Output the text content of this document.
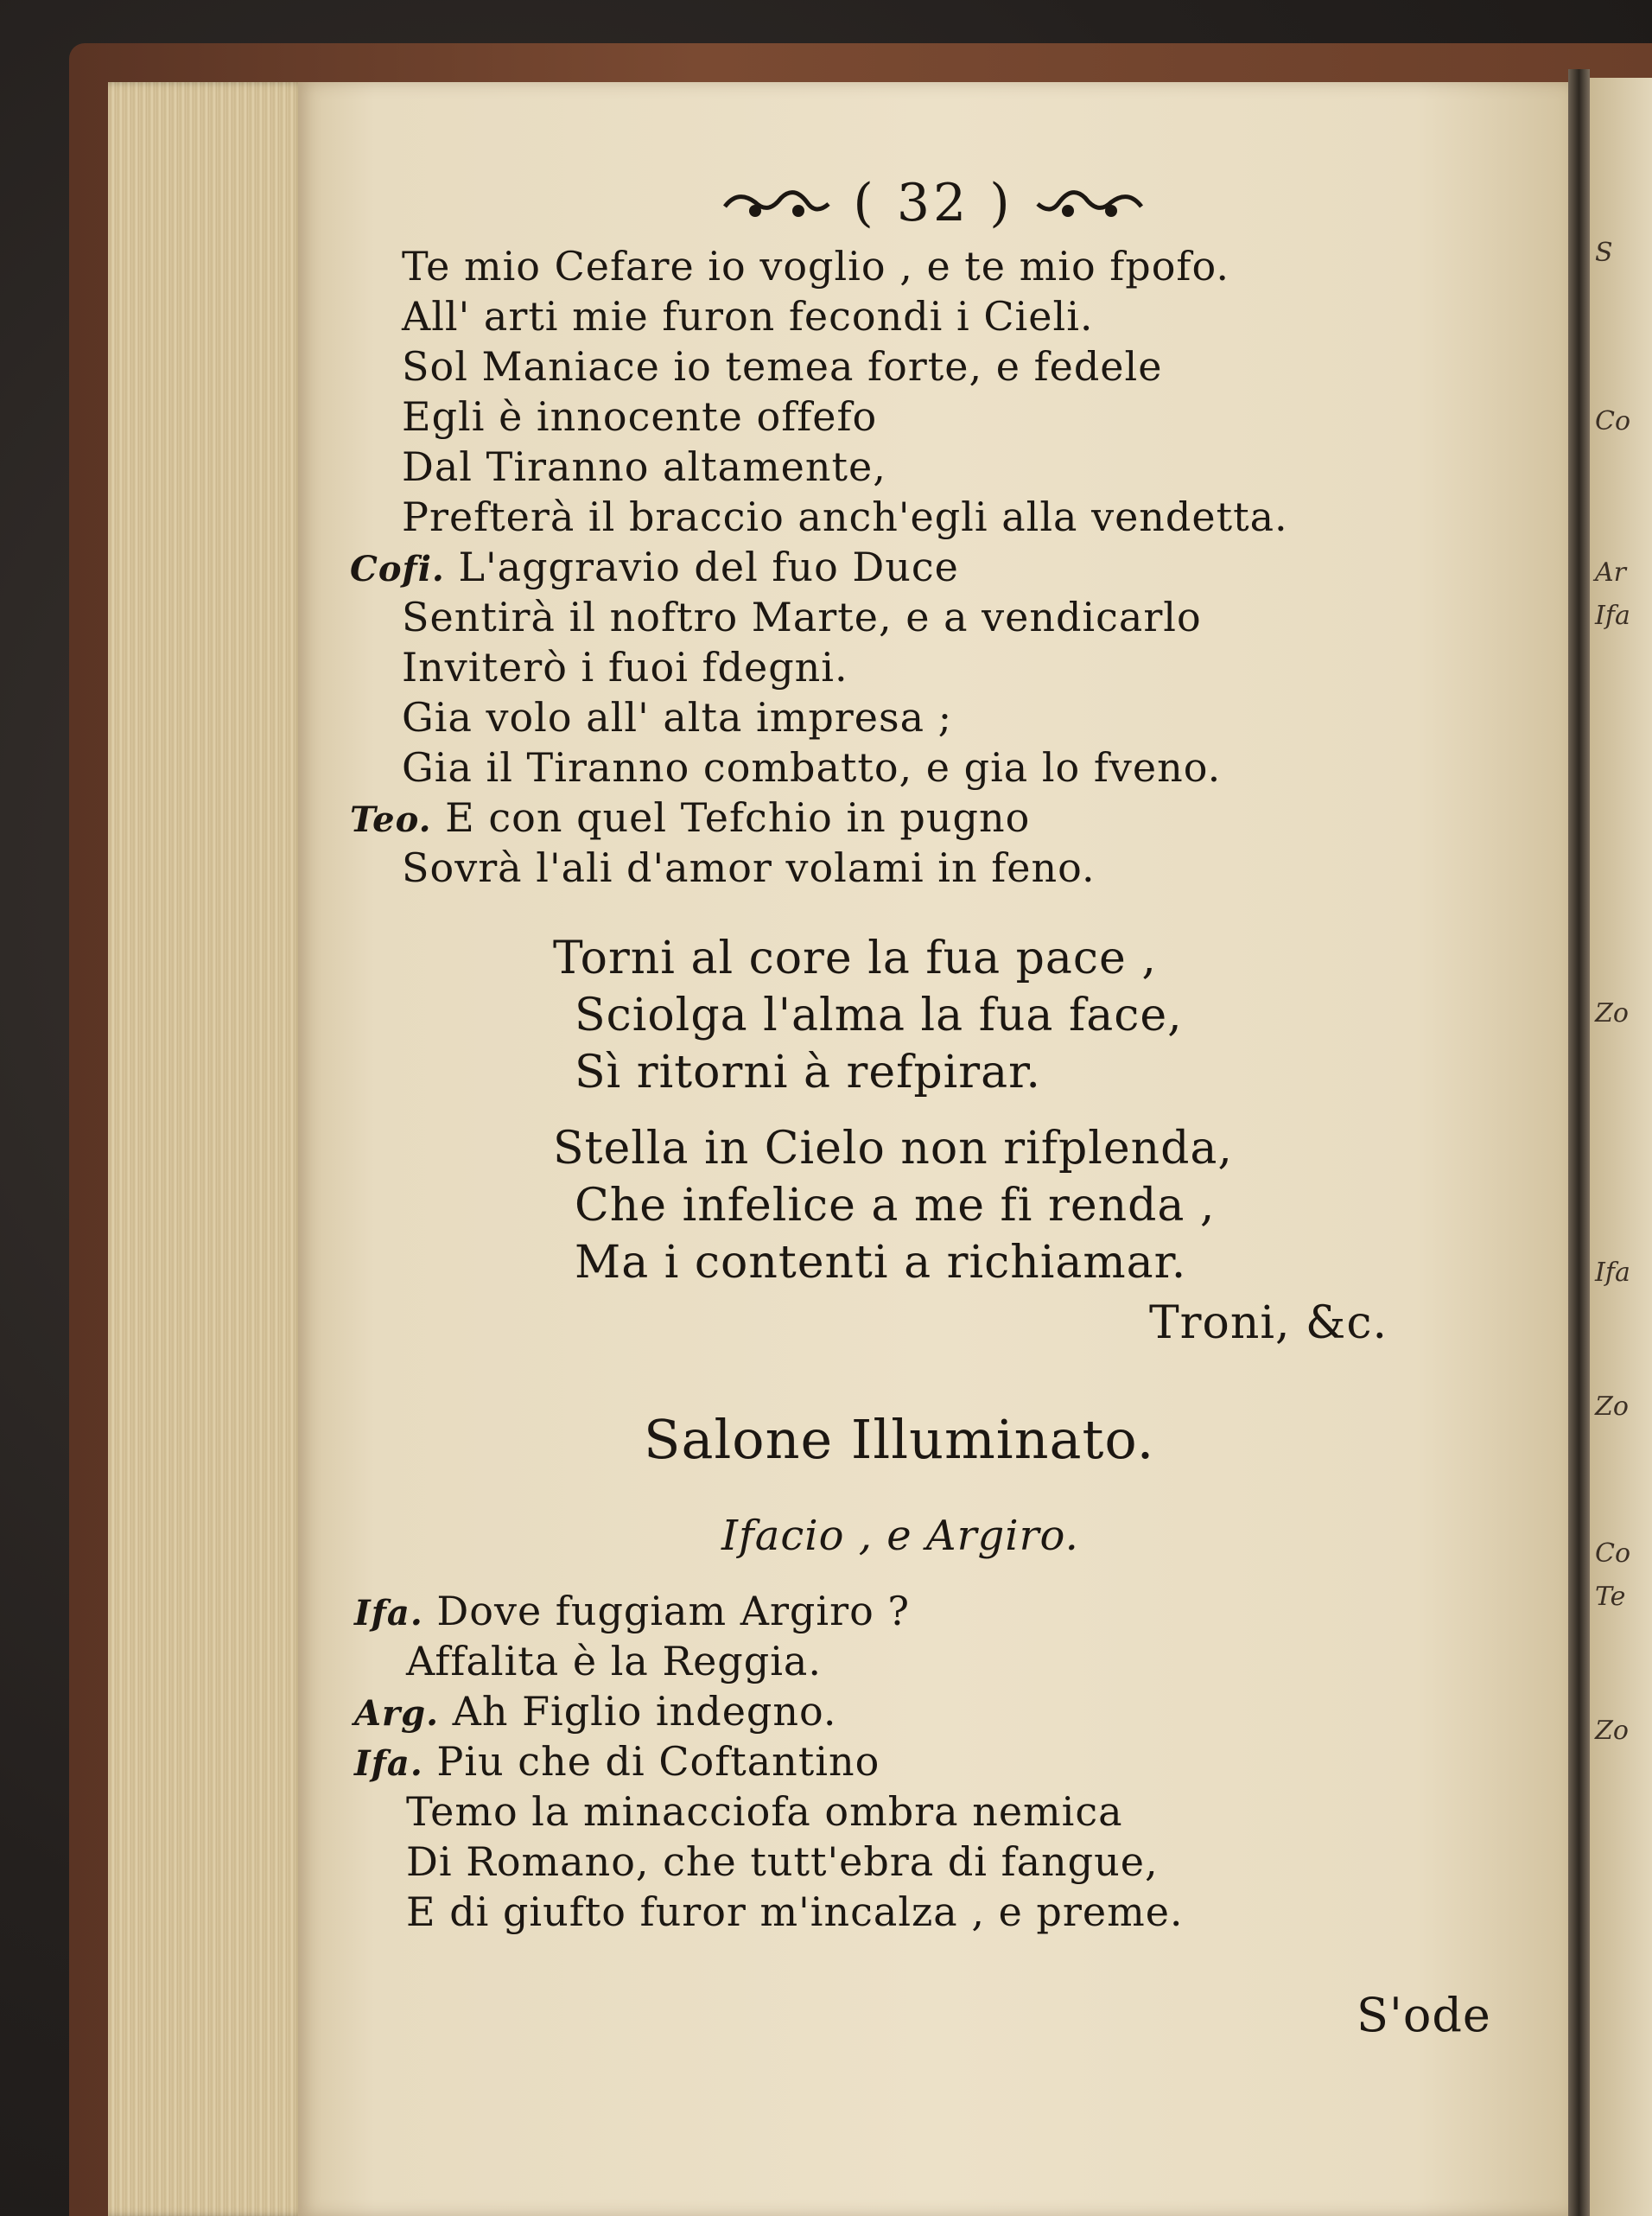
S
Co
Ar
Ifa
Zo
Ifa
Zo
Co
Te
Zo
( 32 )
Te mio Cefare io voglio , e te mio fpofo.
All' arti mie furon fecondi i Cieli.
Sol Maniace io temea forte, e fedele
Egli è innocente offefo
Dal Tiranno altamente,
Prefterà il braccio anch'egli alla vendetta.
Cofi. L'aggravio del fuo Duce
Sentirà il noftro Marte, e a vendicarlo
Inviterò i fuoi fdegni.
Gia volo all' alta impresa ;
Gia il Tiranno combatto, e gia lo fveno.
Teo. E con quel Tefchio in pugno
Sovrà l'ali d'amor volami in feno.
Torni al core la fua pace ,
Sciolga l'alma la fua face,
Sì ritorni à refpirar.
Stella in Cielo non rifplenda,
Che infelice a me fi renda ,
Ma i contenti a richiamar.
Troni, &c.
Salone Illuminato.
Ifacio , e Argiro.
Ifa. Dove fuggiam Argiro ?
Affalita è la Reggia.
Arg. Ah Figlio indegno.
Ifa. Piu che di Coftantino
Temo la minacciofa ombra nemica
Di Romano, che tutt'ebra di fangue,
E di giufto furor m'incalza , e preme.
S'ode
